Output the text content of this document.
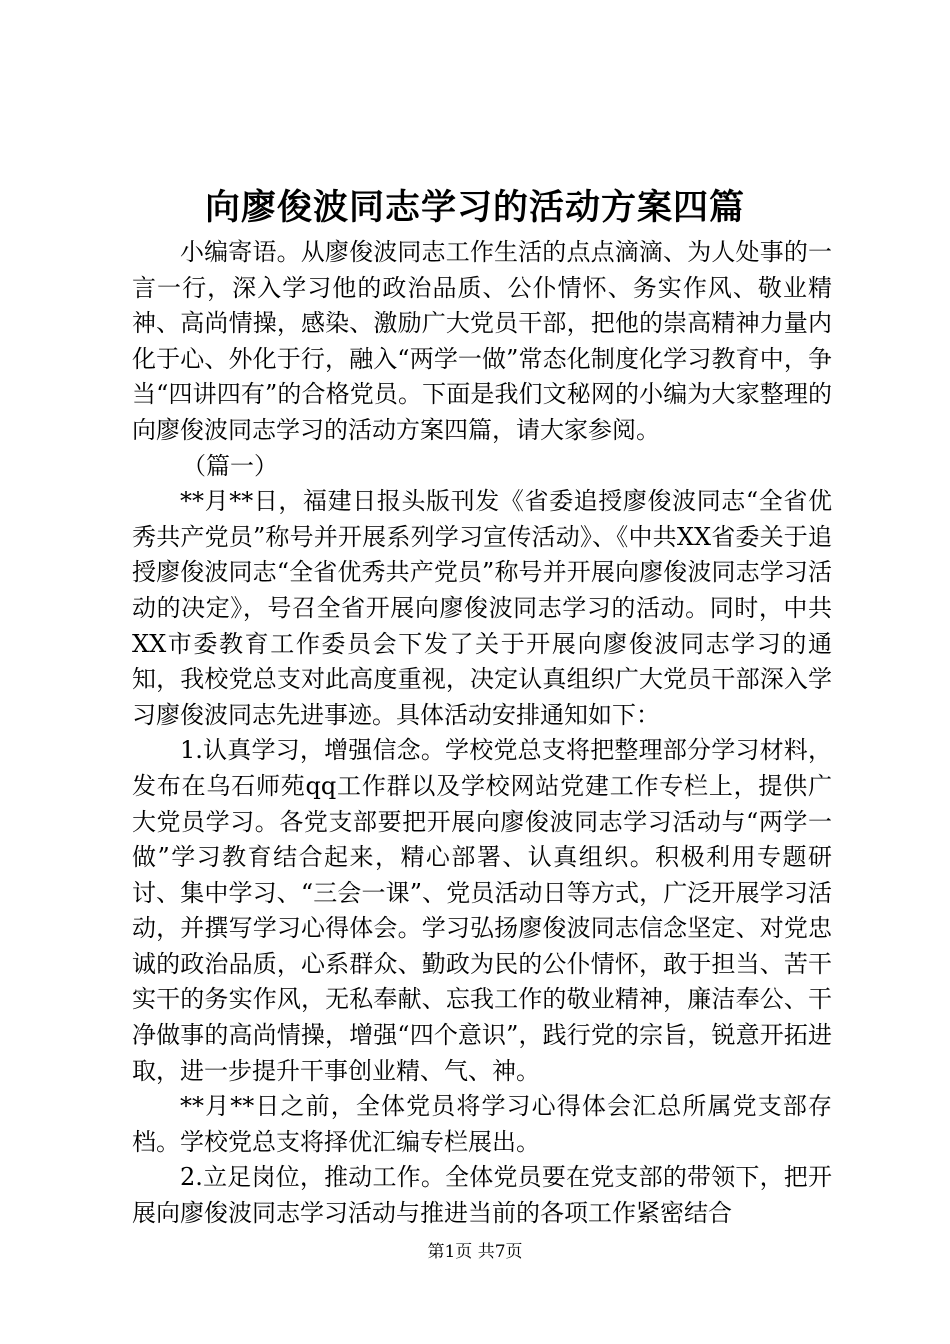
向廖俊波同志学习的活动方案四篇

小编寄语。从廖俊波同志工作生活的点点滴滴、为人处事的一言一行，深入学习他的政治品质、公仆情怀、务实作风、敬业精神、高尚情操，感染、激励广大党员干部，把他的崇高精神力量内化于心、外化于行，融入“两学一做”常态化制度化学习教育中，争当“四讲四有”的合格党员。下面是我们文秘网的小编为大家整理的向廖俊波同志学习的活动方案四篇，请大家参阅。

（篇一）

**月**日，福建日报头版刊发《省委追授廖俊波同志“全省优秀共产党员”称号并开展系列学习宣传活动》、《中共XX省委关于追授廖俊波同志“全省优秀共产党员”称号并开展向廖俊波同志学习活动的决定》，号召全省开展向廖俊波同志学习的活动。同时，中共XX市委教育工作委员会下发了关于开展向廖俊波同志学习的通知，我校党总支对此高度重视，决定认真组织广大党员干部深入学习廖俊波同志先进事迹。具体活动安排通知如下：

1.认真学习，增强信念。学校党总支将把整理部分学习材料，发布在乌石师苑qq工作群以及学校网站党建工作专栏上，提供广大党员学习。各党支部要把开展向廖俊波同志学习活动与“两学一做”学习教育结合起来，精心部署、认真组织。积极利用专题研讨、集中学习、“三会一课”、党员活动日等方式，广泛开展学习活动，并撰写学习心得体会。学习弘扬廖俊波同志信念坚定、对党忠诚的政治品质，心系群众、勤政为民的公仆情怀，敢于担当、苦干实干的务实作风，无私奉献、忘我工作的敬业精神，廉洁奉公、干净做事的高尚情操，增强“四个意识”，践行党的宗旨，锐意开拓进取，进一步提升干事创业精、气、神。

**月**日之前，全体党员将学习心得体会汇总所属党支部存档。学校党总支将择优汇编专栏展出。

2.立足岗位，推动工作。全体党员要在党支部的带领下，把开展向廖俊波同志学习活动与推进当前的各项工作紧密结合

第1页 共7页
